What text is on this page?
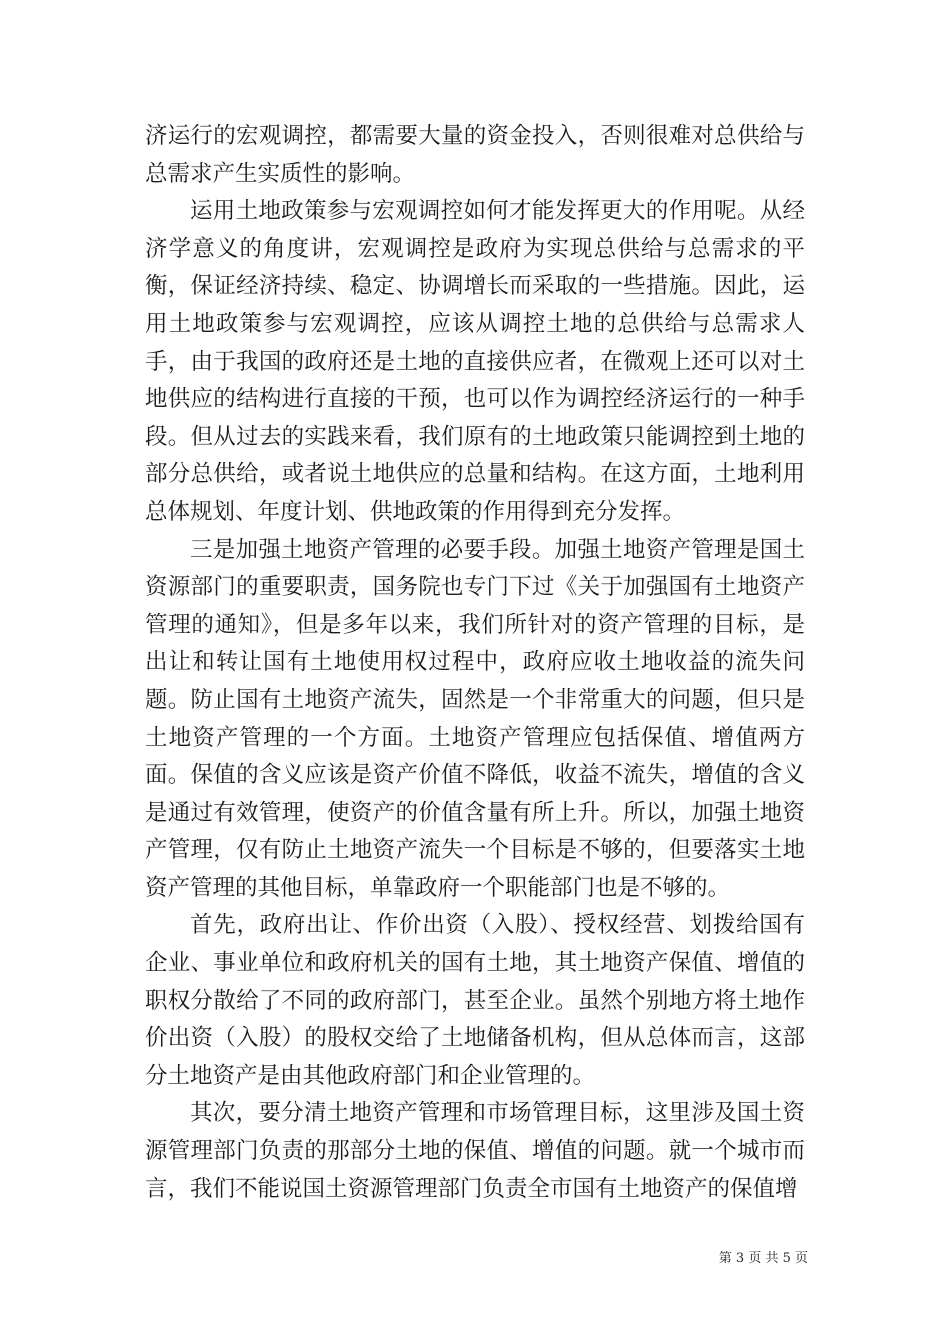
济运行的宏观调控，都需要大量的资金投入，否则很难对总供给与总需求产生实质性的影响。

运用土地政策参与宏观调控如何才能发挥更大的作用呢。从经济学意义的角度讲，宏观调控是政府为实现总供给与总需求的平衡，保证经济持续、稳定、协调增长而采取的一些措施。因此，运用土地政策参与宏观调控，应该从调控土地的总供给与总需求人手，由于我国的政府还是土地的直接供应者，在微观上还可以对土地供应的结构进行直接的干预，也可以作为调控经济运行的一种手段。但从过去的实践来看，我们原有的土地政策只能调控到土地的部分总供给，或者说土地供应的总量和结构。在这方面，土地利用总体规划、年度计划、供地政策的作用得到充分发挥。

三是加强土地资产管理的必要手段。加强土地资产管理是国土资源部门的重要职责，国务院也专门下过《关于加强国有土地资产管理的通知》，但是多年以来，我们所针对的资产管理的目标，是出让和转让国有土地使用权过程中，政府应收土地收益的流失问题。防止国有土地资产流失，固然是一个非常重大的问题，但只是土地资产管理的一个方面。土地资产管理应包括保值、增值两方面。保值的含义应该是资产价值不降低，收益不流失，增值的含义是通过有效管理，使资产的价值含量有所上升。所以，加强土地资产管理，仅有防止土地资产流失一个目标是不够的，但要落实土地资产管理的其他目标，单靠政府一个职能部门也是不够的。

首先，政府出让、作价出资（入股）、授权经营、划拨给国有企业、事业单位和政府机关的国有土地，其土地资产保值、增值的职权分散给了不同的政府部门，甚至企业。虽然个别地方将土地作价出资（入股）的股权交给了土地储备机构，但从总体而言，这部分土地资产是由其他政府部门和企业管理的。

其次，要分清土地资产管理和市场管理目标，这里涉及国土资源管理部门负责的那部分土地的保值、增值的问题。就一个城市而言，我们不能说国土资源管理部门负责全市国有土地资产的保值增

第 3 页 共 5 页
